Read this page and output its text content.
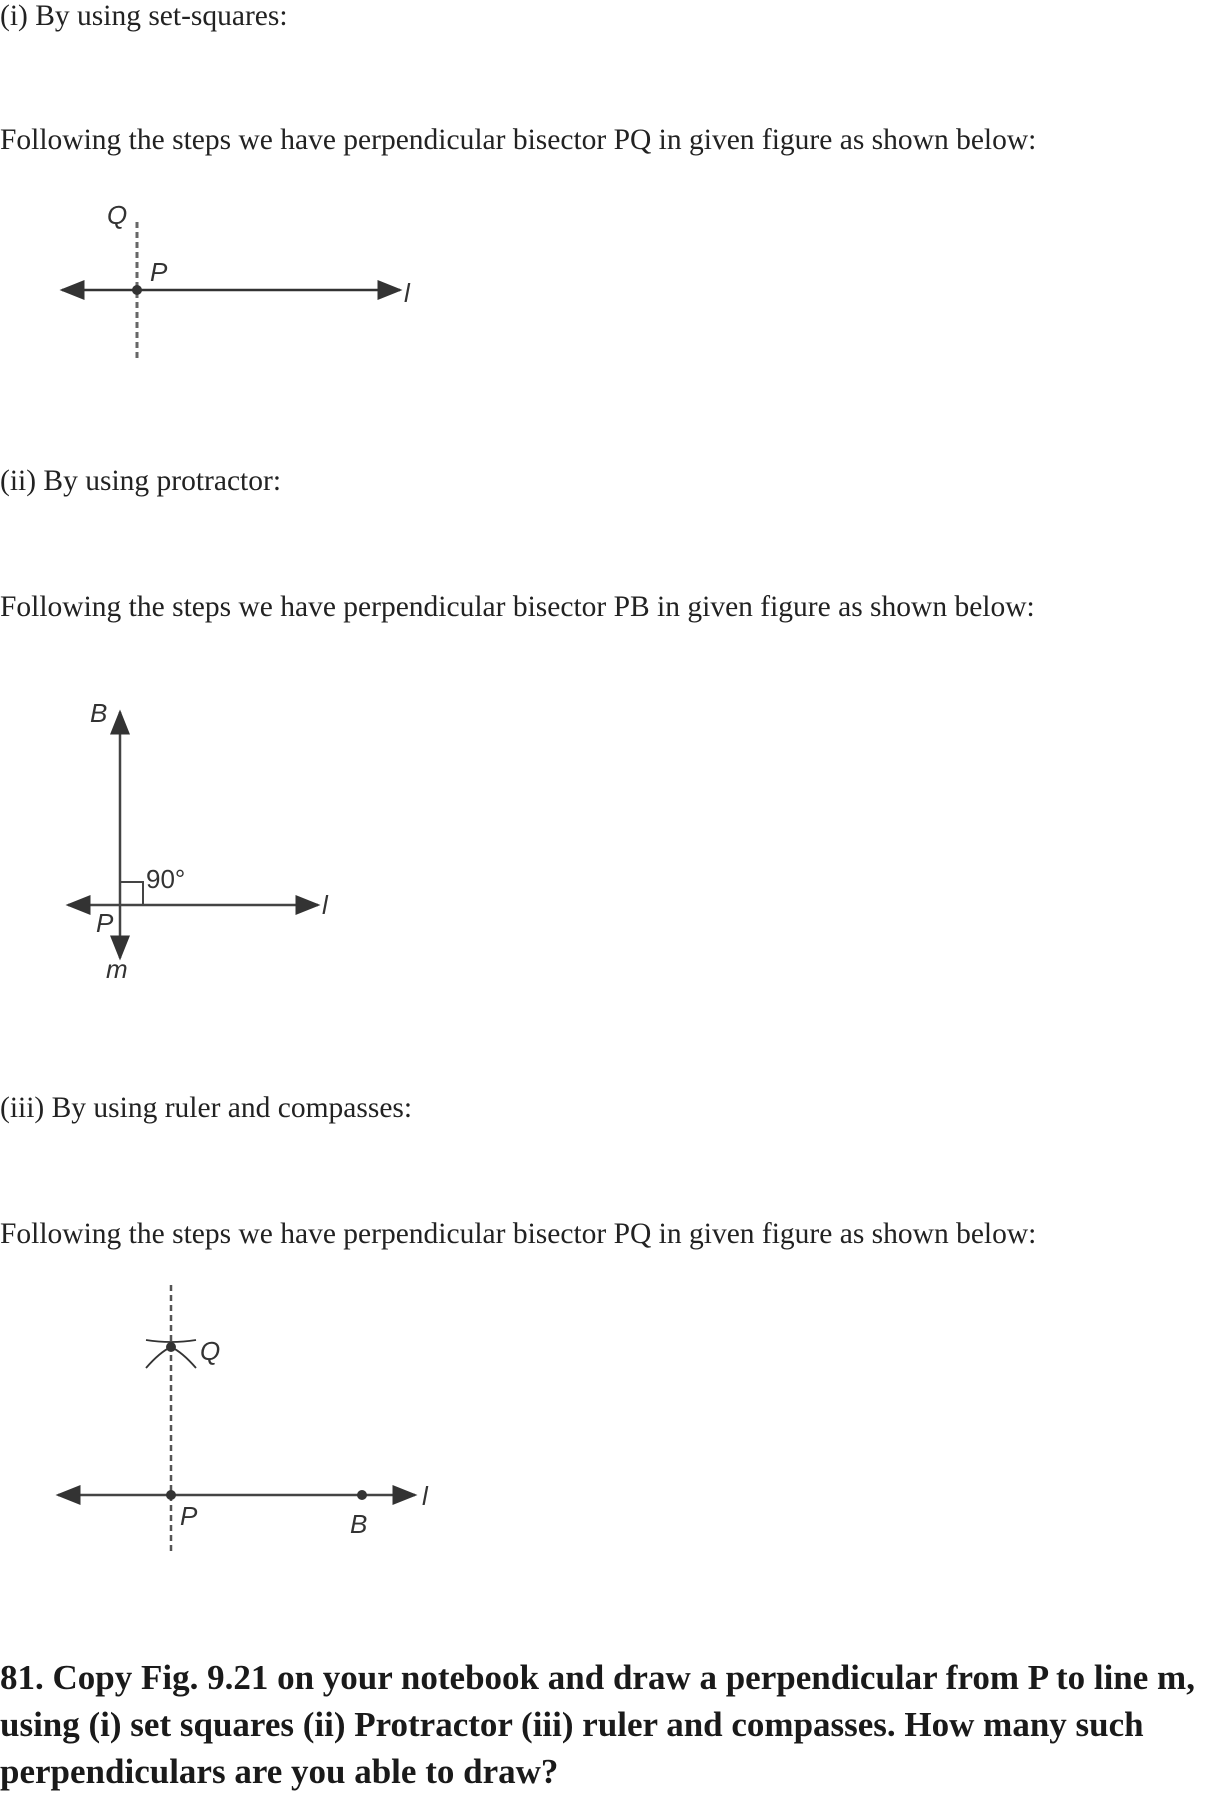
(i) By using set-squares:
Following the steps we have perpendicular bisector PQ in given figure as shown below:
Q
P
l
B
90°
P
m
l
Q
P	B
l
(ii) By using protractor:
Following the steps we have perpendicular bisector PB in given figure as shown below:
(iii) By using ruler and compasses:
Following the steps we have perpendicular bisector PQ in given figure as shown below:
81. Copy Fig. 9.21 on your notebook and draw a perpendicular from P to line m, using (i) set squares (ii) Protractor (iii) ruler and compasses. How many such perpendiculars are you able to draw?
